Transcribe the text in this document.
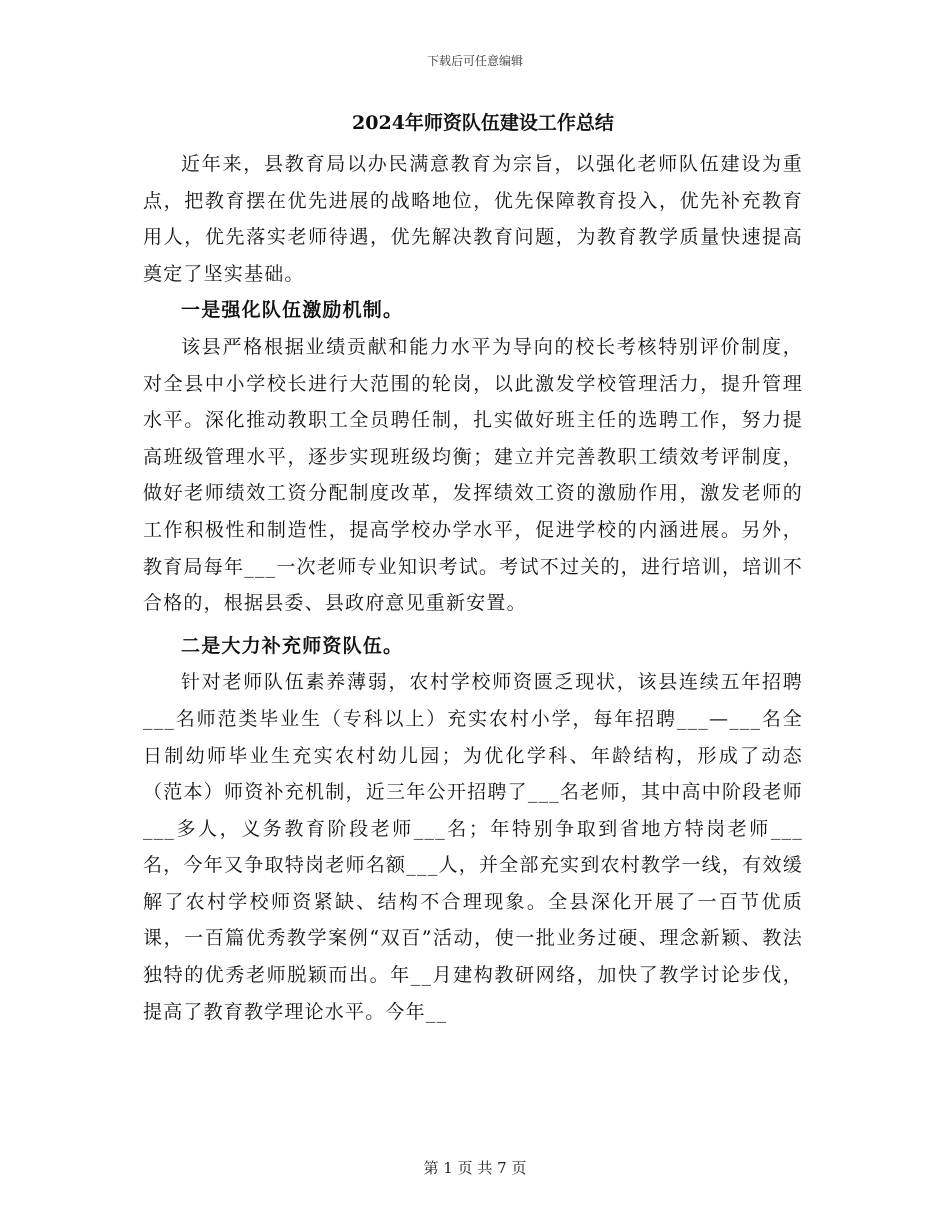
下载后可任意编辑
2024年师资队伍建设工作总结

近年来，县教育局以办民满意教育为宗旨，以强化老师队伍建设为重点，把教育摆在优先进展的战略地位，优先保障教育投入，优先补充教育用人，优先落实老师待遇，优先解决教育问题，为教育教学质量快速提高奠定了坚实基础。

一是强化队伍激励机制。

该县严格根据业绩贡献和能力水平为导向的校长考核特别评价制度，对全县中小学校长进行大范围的轮岗，以此激发学校管理活力，提升管理水平。深化推动教职工全员聘任制，扎实做好班主任的选聘工作，努力提高班级管理水平，逐步实现班级均衡；建立并完善教职工绩效考评制度，做好老师绩效工资分配制度改革，发挥绩效工资的激励作用，激发老师的工作积极性和制造性，提高学校办学水平，促进学校的内涵进展。另外，教育局每年___一次老师专业知识考试。考试不过关的，进行培训，培训不合格的，根据县委、县政府意见重新安置。

二是大力补充师资队伍。

针对老师队伍素养薄弱，农村学校师资匮乏现状，该县连续五年招聘___名师范类毕业生（专科以上）充实农村小学，每年招聘___—___名全日制幼师毕业生充实农村幼儿园；为优化学科、年龄结构，形成了动态（范本）师资补充机制，近三年公开招聘了___名老师，其中高中阶段老师___多人，义务教育阶段老师___名；年特别争取到省地方特岗老师___名，今年又争取特岗老师名额___人，并全部充实到农村教学一线，有效缓解了农村学校师资紧缺、结构不合理现象。全县深化开展了一百节优质课，一百篇优秀教学案例“双百”活动，使一批业务过硬、理念新颖、教法独特的优秀老师脱颖而出。年__月建构教研网络，加快了教学讨论步伐，提高了教育教学理论水平。今年__

第 1 页 共 7 页
